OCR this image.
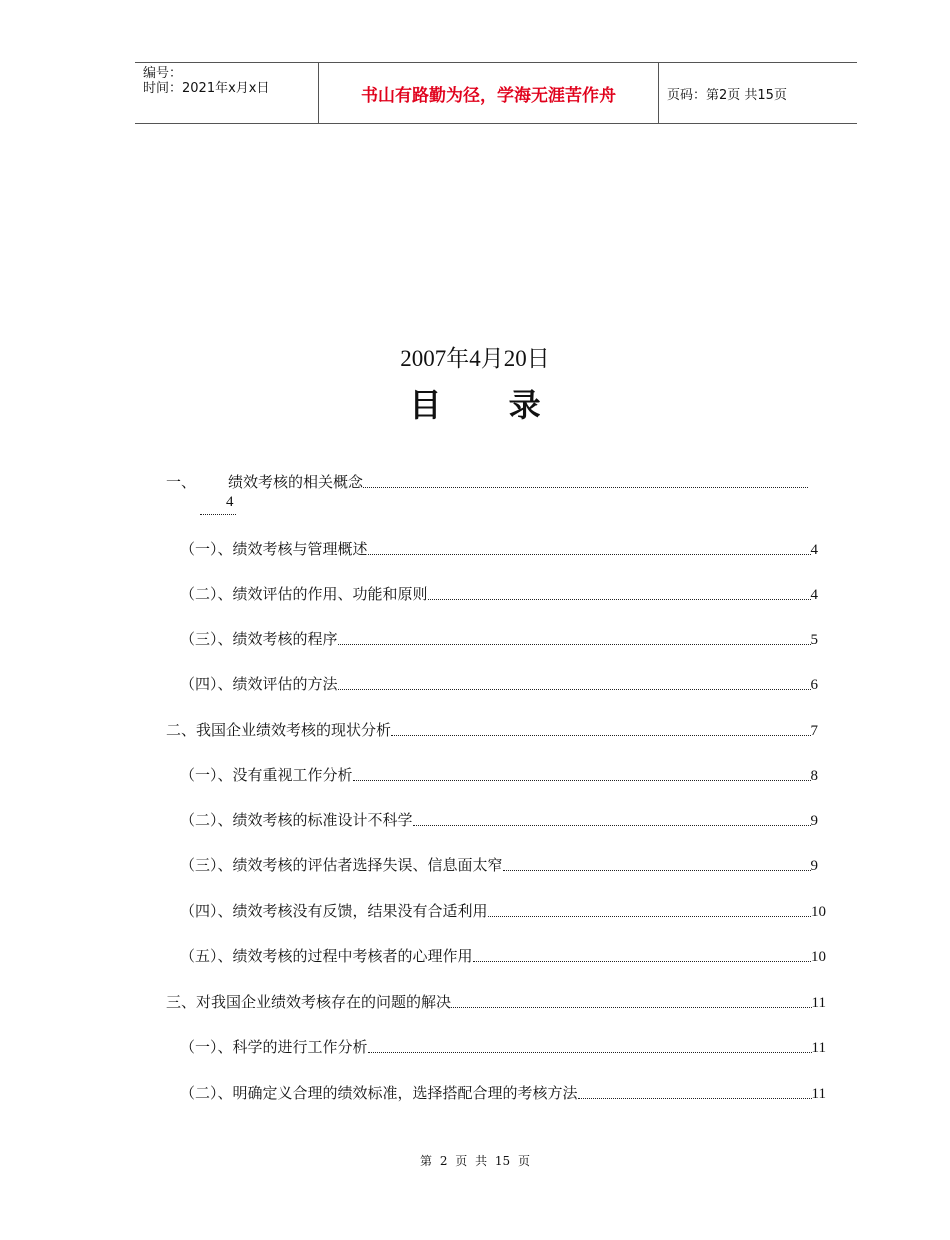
编号：
时间：2021年x月x日	书山有路勤为径，学海无涯苦作舟	页码：第2页 共15页
2007年4月20日
目 录
一、	绩效考核的相关概念
4
（一）、 绩效考核与管理概述	4
（二）、 绩效评估的作用、功能和原则	4
（三）、 绩效考核的程序	5
（四）、 绩效评估的方法	6
二、 我国企业绩效考核的现状分析	7
（一）、 没有重视工作分析	8
（二）、 绩效考核的标准设计不科学	9
（三）、 绩效考核的评估者选择失误、信息面太窄	9
（四）、 绩效考核没有反馈，结果没有合适利用	10
（五）、 绩效考核的过程中考核者的心理作用	10
三、 对我国企业绩效考核存在的问题的解决	11
（一）、 科学的进行工作分析	11
（二）、 明确定义合理的绩效标准，选择搭配合理的考核方法	11
第 2 页 共 15 页
